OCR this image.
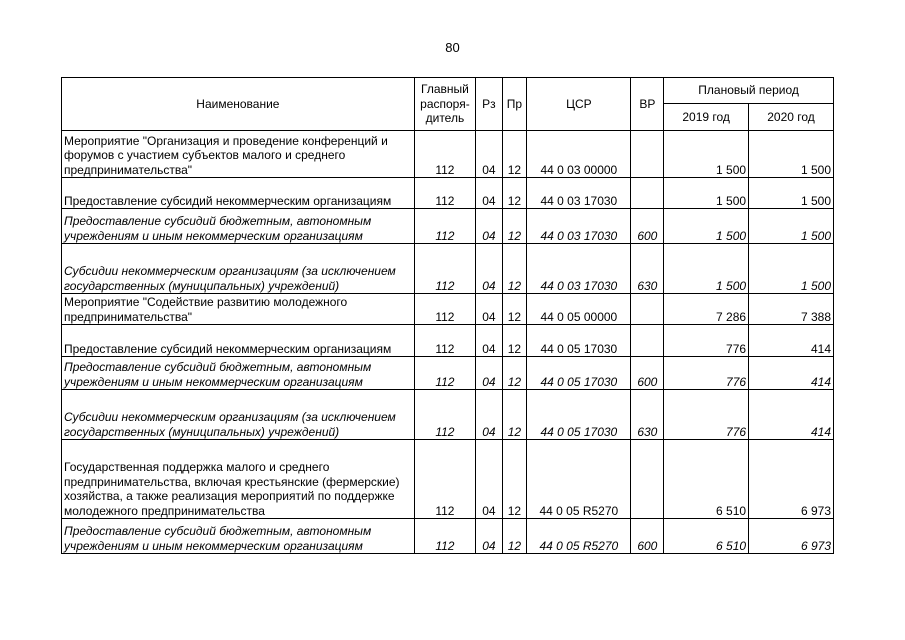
80
Наименование	Главный распоря-дитель	Рз	Пр	ЦСР	ВР	Плановый период	
						2019 год	2020 год
Мероприятие "Организация и проведение конференций и форумов с участием субъектов малого и среднего предпринимательства"	112	04	12	44 0 03 00000		1 500	1 500
Предоставление субсидий некоммерческим организациям	112	04	12	44 0 03 17030		1 500	1 500
Предоставление субсидий бюджетным, автономным учреждениям и иным некоммерческим организациям	112	04	12	44 0 03 17030	600	1 500	1 500
Субсидии некоммерческим организациям (за исключением государственных (муниципальных) учреждений)	112	04	12	44 0 03 17030	630	1 500	1 500
Мероприятие "Содействие развитию молодежного предпринимательства"	112	04	12	44 0 05 00000		7 286	7 388
Предоставление субсидий некоммерческим организациям	112	04	12	44 0 05 17030		776	414
Предоставление субсидий бюджетным, автономным учреждениям и иным некоммерческим организациям	112	04	12	44 0 05 17030	600	776	414
Субсидии некоммерческим организациям (за исключением государственных (муниципальных) учреждений)	112	04	12	44 0 05 17030	630	776	414
Государственная поддержка малого и среднего предпринимательства, включая крестьянские (фермерские) хозяйства, а также реализация мероприятий по поддержке молодежного предпринимательства	112	04	12	44 0 05 R5270		6 510	6 973
Предоставление субсидий бюджетным, автономным учреждениям и иным некоммерческим организациям	112	04	12	44 0 05 R5270	600	6 510	6 973
